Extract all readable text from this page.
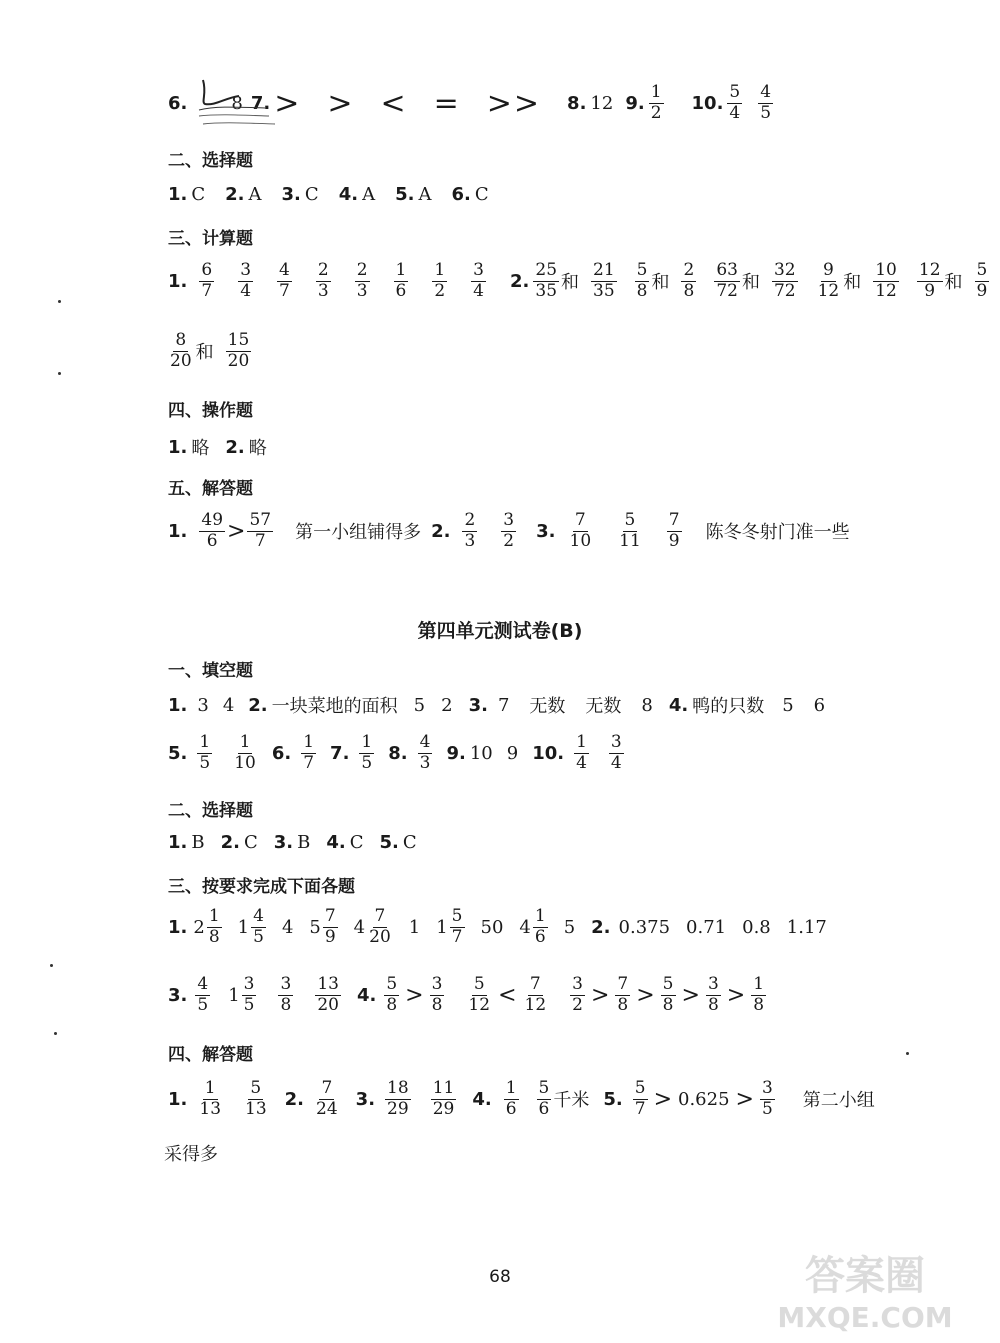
6. 8 7. > > < = > > 8. 12 9. $\frac{1}{2} 10$. $\frac{5}{4} \frac{4}{5}$
二、选择题
1. C 2. A 3. C 4. A 5. A 6. C
三、计算题
1. $\frac{6}{7} \frac{3}{4} \frac{4}{7} \frac{2}{3} \frac{2}{3} \frac{1}{6} \frac{1}{2} \frac{3}{4} 2$. $\frac{25}{35}$ 和 $\frac{21}{35} \frac{5}{8}$ 和 $\frac{2}{8} \frac{63}{72}$ 和 $\frac{32}{72} \frac{9}{12}$ 和 $\frac{10}{12} \frac{12}{9}$ 和 $\frac{5}{9}$
$\frac{8}{20}$ 和 $\frac{15}{20}$
四、操作题
1. 略 2. 略
五、解答题
1. $\frac{49}{6} > \frac{57}{7}$ 第一小组铺得多 2. $\frac{2}{3} \frac{3}{2} 3$. $\frac{7}{10} \frac{5}{11} \frac{7}{9}$ 陈冬冬射门准一些
第四单元测试卷(B)
一、填空题
1. 3 4 2. 一块菜地的面积 5 2 3. 7 无数 无数 8 4. 鸭的只数 5 6
5. $\frac{1}{5} \frac{1}{10} 6$. $\frac{1}{7} 7$. $\frac{1}{5} 8$. $\frac{4}{3} 9$. 10 9 10. $\frac{1}{4} \frac{3}{4}$
二、选择题
1. B 2. C 3. B 4. C 5. C
三、按要求完成下面各题
1. $2 \frac{1}{8} 1 \frac{4}{5} 4$ $5 \frac{7}{9} 4 \frac{7}{20} 1$ $1 \frac{5}{7} 50$ $4 \frac{1}{6} 5$ 2. 0.375 0.71 0.8 1.17
3. $\frac{4}{5} 1 \frac{3}{5} \frac{3}{8} \frac{13}{20} 4$. $\frac{5}{8} > \frac{3}{8} \frac{5}{12} < \frac{7}{12} \frac{3}{2} > \frac{7}{8} > \frac{5}{8} > \frac{3}{8} > \frac{1}{8}$
四、解答题
1. $\frac{1}{13} \frac{5}{13} 2$. $\frac{7}{24} 3$. $\frac{18}{29} \frac{11}{29} 4$. $\frac{1}{6} \frac{5}{6}$ 千米 5. $\frac{5}{7} > 0.625 > \frac{3}{5}$ 第二小组
采得多
68	答案圈
MXQE.COM
